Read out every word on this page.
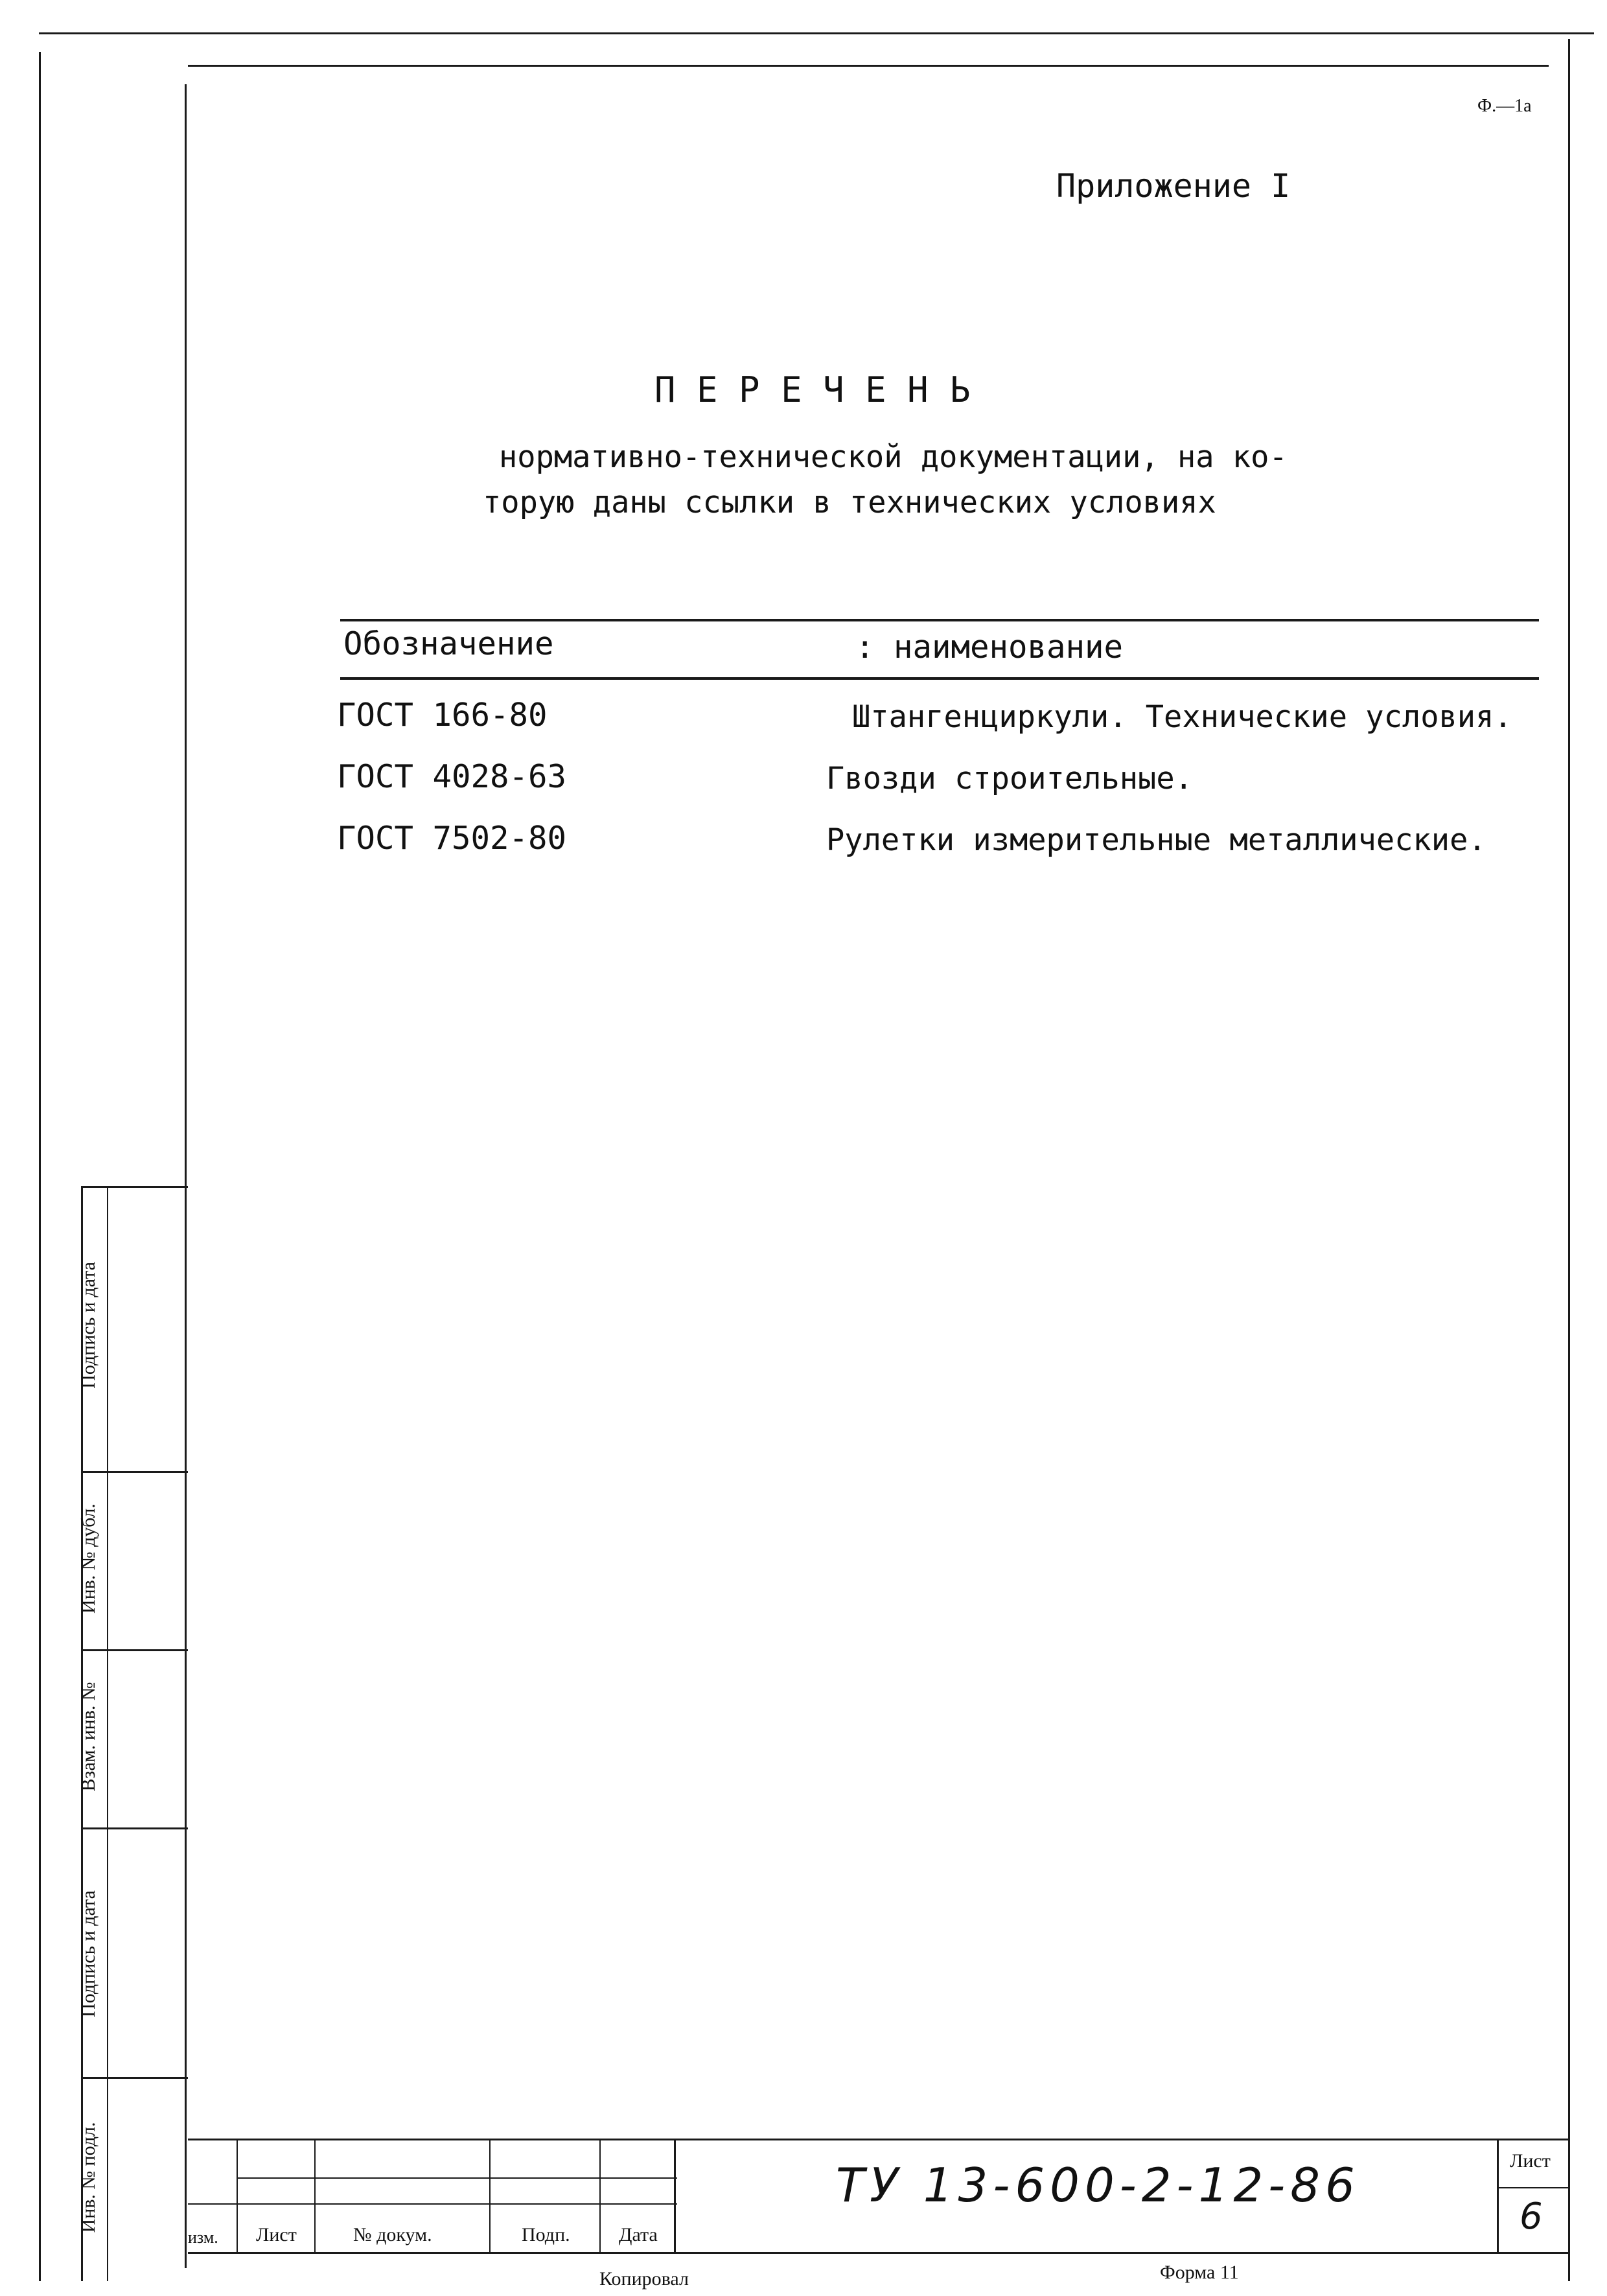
Ф.—1а
Приложение I
П Е Р Е Ч Е Н Ь
нормативно-технической документации, на ко-
торую даны ссылки в технических условиях
Обозначение	: наименование
ГОСТ 166-80	Штангенциркули. Технические условия.
ГОСТ 4028-63	Гвозди строительные.
ГОСТ 7502-80	Рулетки измерительные металлические.
Подпись и дата
Инв. № дубл.
Взам. инв. №
Подпись и дата
Инв. № подл.
изм. Лист	№ докум.	Подп.	Дата
ТУ 13-600-2-12-86	Лист
6
Копировал	Форма 11
